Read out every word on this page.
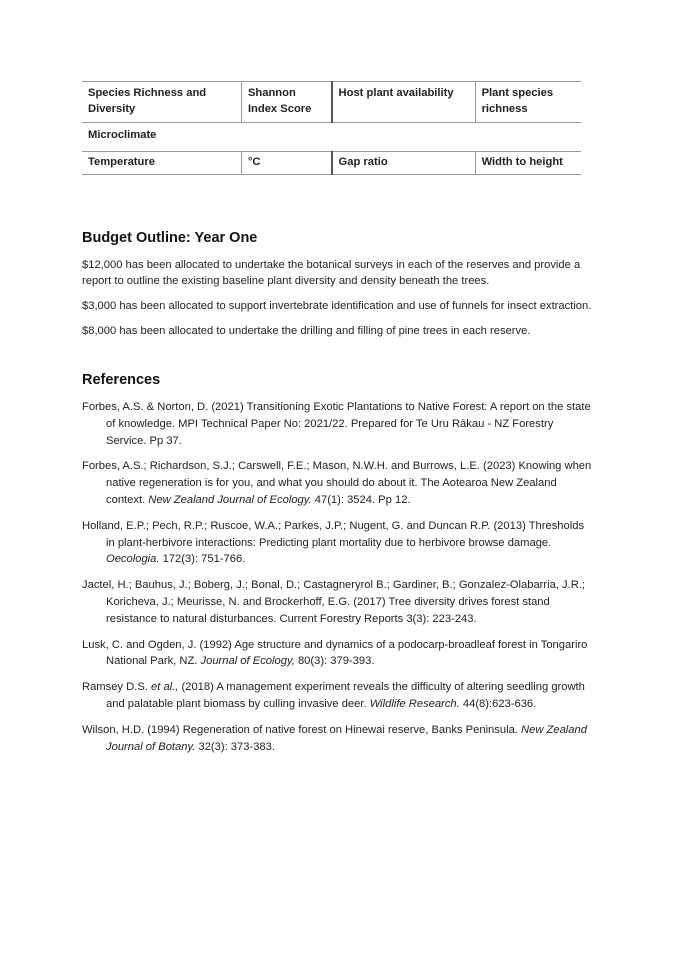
Species Richness and Diversity	Shannon Index Score	Host plant availability	Plant species richness
Microclimate			
Temperature	°C	Gap ratio	Width to height
Budget Outline: Year One

$12,000 has been allocated to undertake the botanical surveys in each of the reserves and provide a report to outline the existing baseline plant diversity and density beneath the trees.

$3,000 has been allocated to support invertebrate identification and use of funnels for insect extraction.

$8,000 has been allocated to undertake the drilling and filling of pine trees in each reserve.

References

Forbes, A.S. & Norton, D. (2021) Transitioning Exotic Plantations to Native Forest: A report on the state of knowledge. MPI Technical Paper No: 2021/22. Prepared for Te Uru Rākau - NZ Forestry Service. Pp 37.

Forbes, A.S.; Richardson, S.J.; Carswell, F.E.; Mason, N.W.H. and Burrows, L.E. (2023) Knowing when native regeneration is for you, and what you should do about it. The Aotearoa New Zealand context. New Zealand Journal of Ecology. 47(1): 3524. Pp 12.

Holland, E.P.; Pech, R.P.; Ruscoe, W.A.; Parkes, J.P.; Nugent, G. and Duncan R.P. (2013) Thresholds in plant-herbivore interactions: Predicting plant mortality due to herbivore browse damage. Oecologia. 172(3): 751-766.

Jactel, H.; Bauhus, J.; Boberg, J.; Bonal, D.; Castagneryrol B.; Gardiner, B.; Gonzalez-Olabarria, J.R.; Koricheva, J.; Meurisse, N. and Brockerhoff, E.G. (2017) Tree diversity drives forest stand resistance to natural disturbances. Current Forestry Reports 3(3): 223-243.

Lusk, C. and Ogden, J. (1992) Age structure and dynamics of a podocarp-broadleaf forest in Tongariro National Park, NZ. Journal of Ecology, 80(3): 379-393.

Ramsey D.S. et al., (2018) A management experiment reveals the difficulty of altering seedling growth and palatable plant biomass by culling invasive deer. Wildlife Research. 44(8):623-636.

Wilson, H.D. (1994) Regeneration of native forest on Hinewai reserve, Banks Peninsula. New Zealand Journal of Botany. 32(3): 373-383.
